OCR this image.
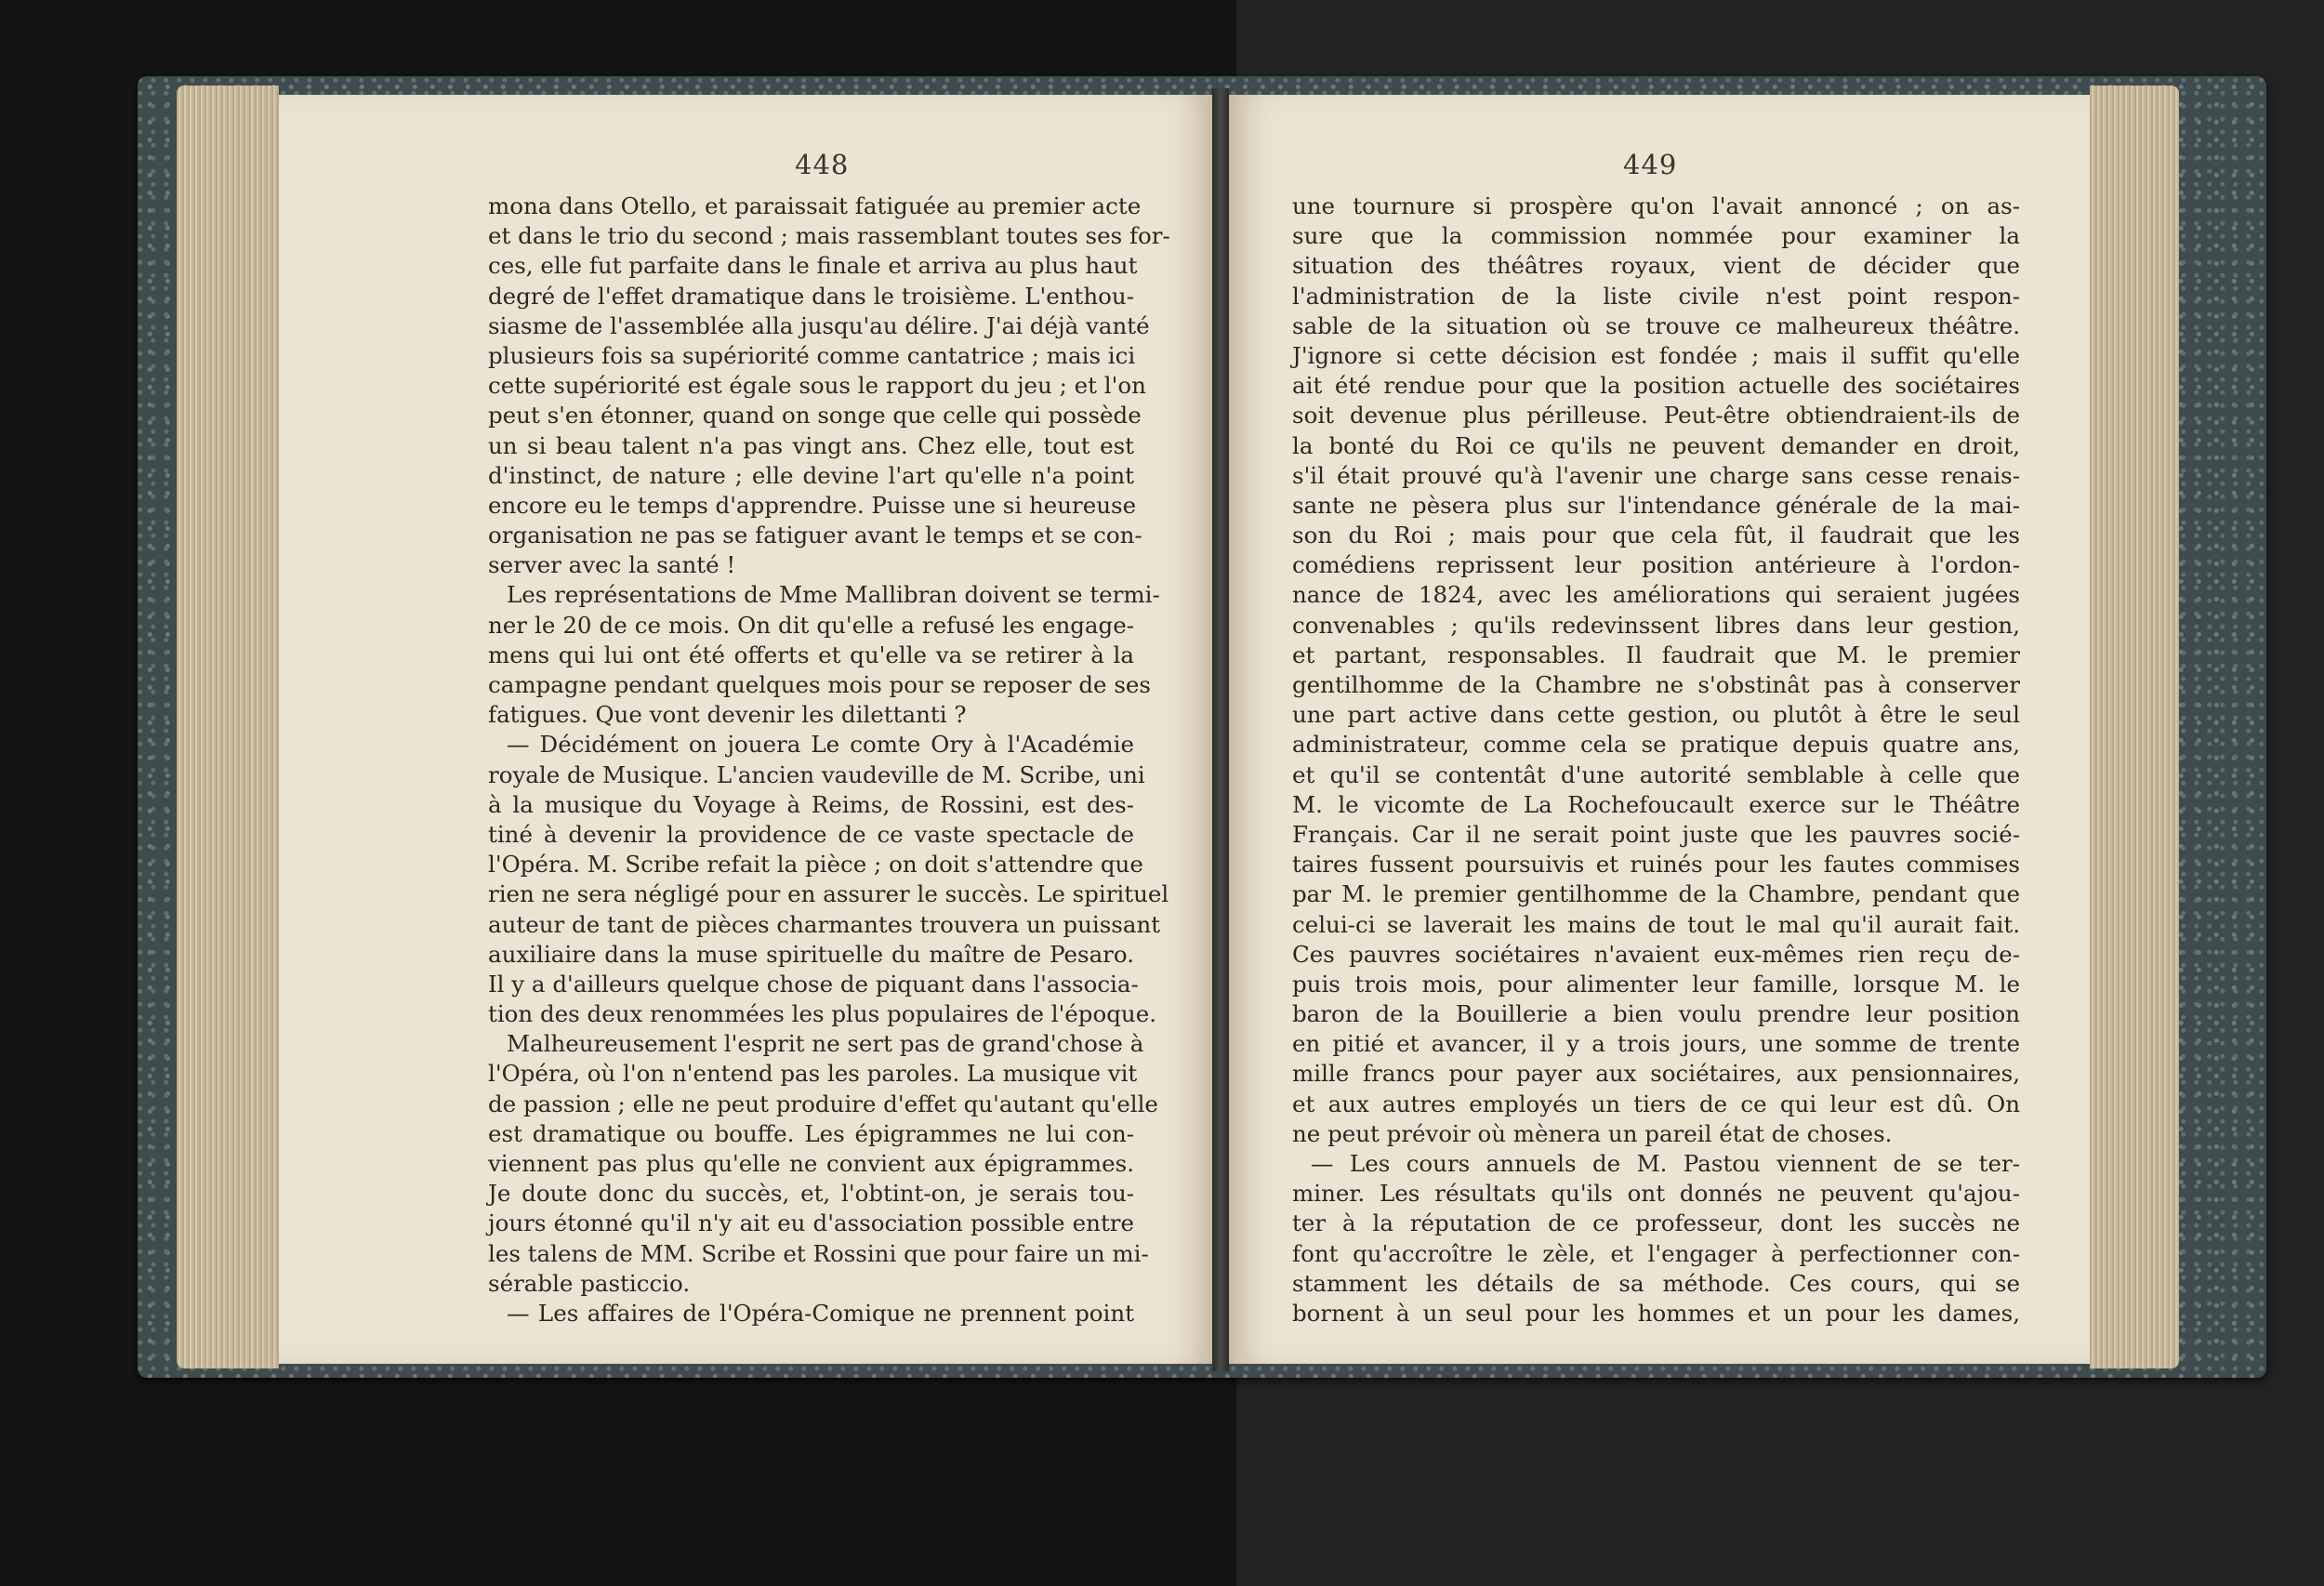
448
mona dans Otello, et paraissait fatiguée au premier acte
et dans le trio du second ; mais rassemblant toutes ses for-
ces, elle fut parfaite dans le finale et arriva au plus haut
degré de l'effet dramatique dans le troisième. L'enthou-
siasme de l'assemblée alla jusqu'au délire. J'ai déjà vanté
plusieurs fois sa supériorité comme cantatrice ; mais ici
cette supériorité est égale sous le rapport du jeu ; et l'on
peut s'en étonner, quand on songe que celle qui possède
un si beau talent n'a pas vingt ans. Chez elle, tout est
d'instinct, de nature ; elle devine l'art qu'elle n'a point
encore eu le temps d'apprendre. Puisse une si heureuse
organisation ne pas se fatiguer avant le temps et se con-
server avec la santé !
Les représentations de Mme Mallibran doivent se termi-
ner le 20 de ce mois. On dit qu'elle a refusé les engage-
mens qui lui ont été offerts et qu'elle va se retirer à la
campagne pendant quelques mois pour se reposer de ses
fatigues. Que vont devenir les dilettanti ?
— Décidément on jouera Le comte Ory à l'Académie
royale de Musique. L'ancien vaudeville de M. Scribe, uni
à la musique du Voyage à Reims, de Rossini, est des-
tiné à devenir la providence de ce vaste spectacle de
l'Opéra. M. Scribe refait la pièce ; on doit s'attendre que
rien ne sera négligé pour en assurer le succès. Le spirituel
auteur de tant de pièces charmantes trouvera un puissant
auxiliaire dans la muse spirituelle du maître de Pesaro.
Il y a d'ailleurs quelque chose de piquant dans l'associa-
tion des deux renommées les plus populaires de l'époque.
Malheureusement l'esprit ne sert pas de grand'chose à
l'Opéra, où l'on n'entend pas les paroles. La musique vit
de passion ; elle ne peut produire d'effet qu'autant qu'elle
est dramatique ou bouffe. Les épigrammes ne lui con-
viennent pas plus qu'elle ne convient aux épigrammes.
Je doute donc du succès, et, l'obtint-on, je serais tou-
jours étonné qu'il n'y ait eu d'association possible entre
les talens de MM. Scribe et Rossini que pour faire un mi-
sérable pasticcio.
— Les affaires de l'Opéra-Comique ne prennent point
449
une tournure si prospère qu'on l'avait annoncé ; on as-
sure que la commission nommée pour examiner la
situation des théâtres royaux, vient de décider que
l'administration de la liste civile n'est point respon-
sable de la situation où se trouve ce malheureux théâtre.
J'ignore si cette décision est fondée ; mais il suffit qu'elle
ait été rendue pour que la position actuelle des sociétaires
soit devenue plus périlleuse. Peut-être obtiendraient-ils de
la bonté du Roi ce qu'ils ne peuvent demander en droit,
s'il était prouvé qu'à l'avenir une charge sans cesse renais-
sante ne pèsera plus sur l'intendance générale de la mai-
son du Roi ; mais pour que cela fût, il faudrait que les
comédiens reprissent leur position antérieure à l'ordon-
nance de 1824, avec les améliorations qui seraient jugées
convenables ; qu'ils redevinssent libres dans leur gestion,
et partant, responsables. Il faudrait que M. le premier
gentilhomme de la Chambre ne s'obstinât pas à conserver
une part active dans cette gestion, ou plutôt à être le seul
administrateur, comme cela se pratique depuis quatre ans,
et qu'il se contentât d'une autorité semblable à celle que
M. le vicomte de La Rochefoucault exerce sur le Théâtre
Français. Car il ne serait point juste que les pauvres socié-
taires fussent poursuivis et ruinés pour les fautes commises
par M. le premier gentilhomme de la Chambre, pendant que
celui-ci se laverait les mains de tout le mal qu'il aurait fait.
Ces pauvres sociétaires n'avaient eux-mêmes rien reçu de-
puis trois mois, pour alimenter leur famille, lorsque M. le
baron de la Bouillerie a bien voulu prendre leur position
en pitié et avancer, il y a trois jours, une somme de trente
mille francs pour payer aux sociétaires, aux pensionnaires,
et aux autres employés un tiers de ce qui leur est dû. On
ne peut prévoir où mènera un pareil état de choses.
— Les cours annuels de M. Pastou viennent de se ter-
miner. Les résultats qu'ils ont donnés ne peuvent qu'ajou-
ter à la réputation de ce professeur, dont les succès ne
font qu'accroître le zèle, et l'engager à perfectionner con-
stamment les détails de sa méthode. Ces cours, qui se
bornent à un seul pour les hommes et un pour les dames,
